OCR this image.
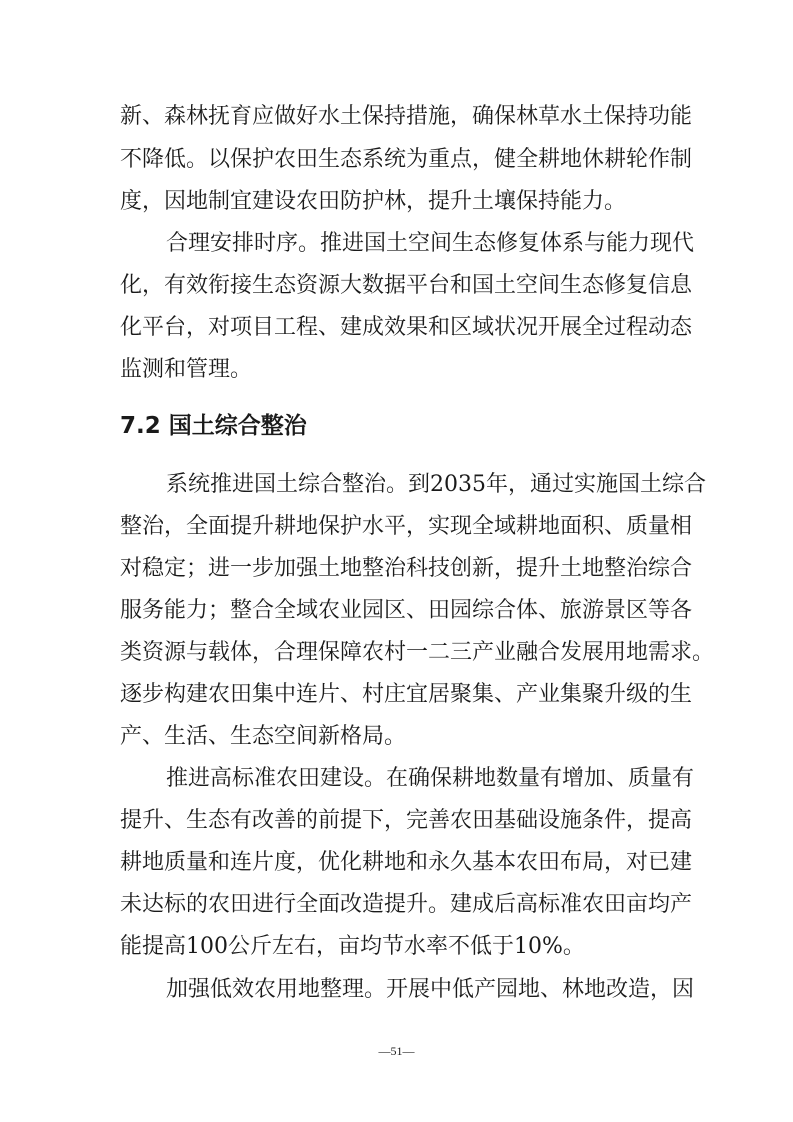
新、森林抚育应做好水土保持措施，确保林草水土保持功能
不降低。以保护农田生态系统为重点，健全耕地休耕轮作制
度，因地制宜建设农田防护林，提升土壤保持能力。
合理安排时序。推进国土空间生态修复体系与能力现代
化，有效衔接生态资源大数据平台和国土空间生态修复信息
化平台，对项目工程、建成效果和区域状况开展全过程动态
监测和管理。
7.2 国土综合整治
系统推进国土综合整治。到2035年，通过实施国土综合
整治，全面提升耕地保护水平，实现全域耕地面积、质量相
对稳定；进一步加强土地整治科技创新，提升土地整治综合
服务能力；整合全域农业园区、田园综合体、旅游景区等各
类资源与载体，合理保障农村一二三产业融合发展用地需求。
逐步构建农田集中连片、村庄宜居聚集、产业集聚升级的生
产、生活、生态空间新格局。
推进高标准农田建设。在确保耕地数量有增加、质量有
提升、生态有改善的前提下，完善农田基础设施条件，提高
耕地质量和连片度，优化耕地和永久基本农田布局，对已建
未达标的农田进行全面改造提升。建成后高标准农田亩均产
能提高100公斤左右，亩均节水率不低于10%。
加强低效农用地整理。开展中低产园地、林地改造，因
—51—
